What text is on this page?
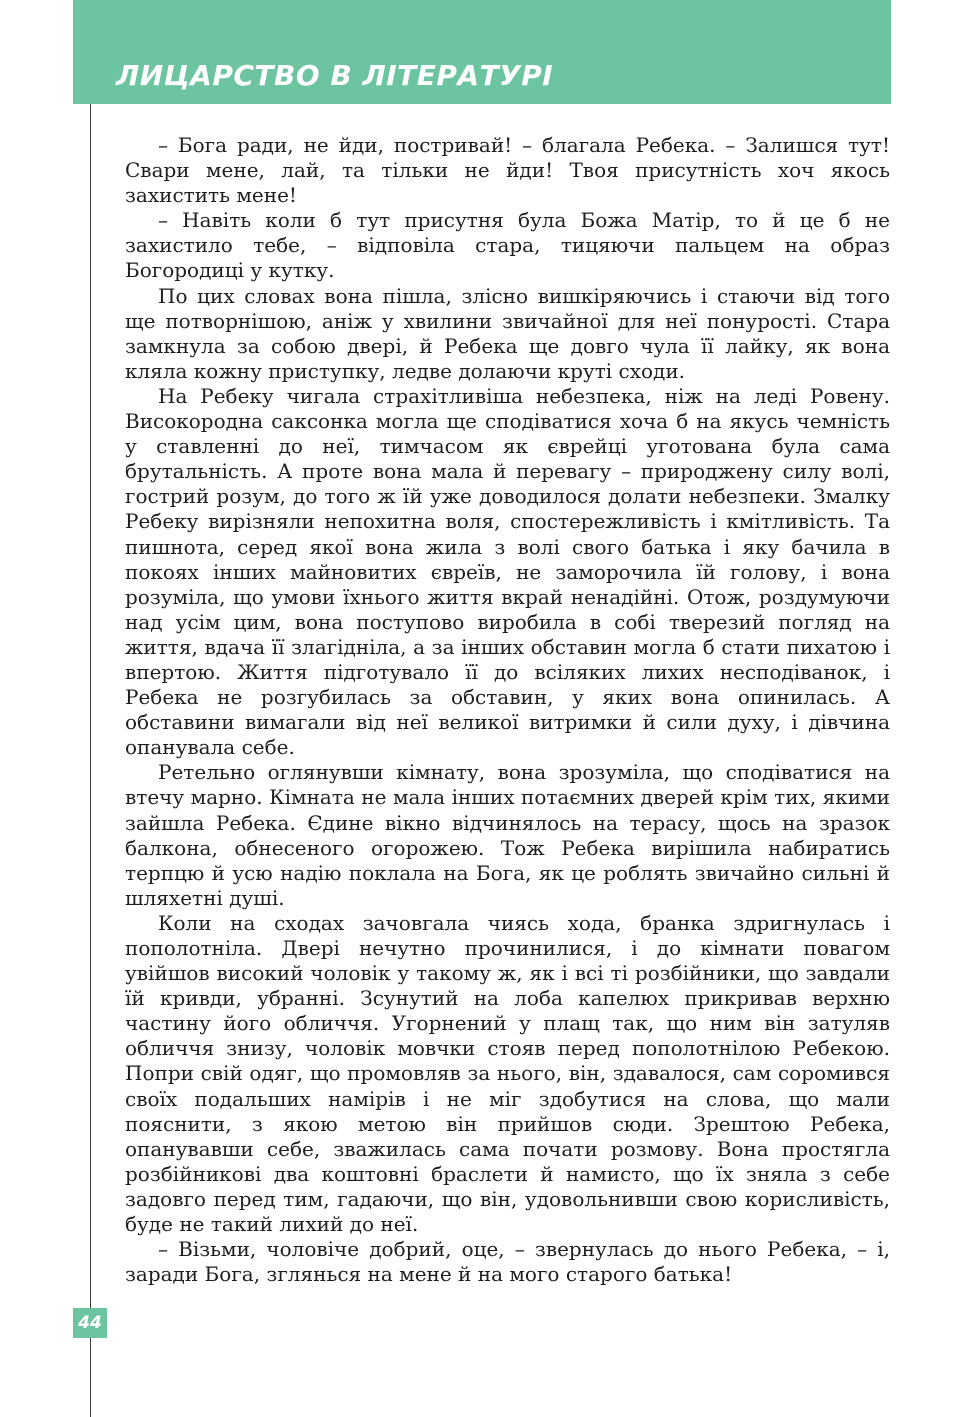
ЛИЦАРСТВО В ЛІТЕРАТУРІ
44

– Бога ради, не йди, постривай! – благала Ребека. – Залишся тут! Свари мене, лай, та тільки не йди! Твоя присутність хоч якось захистить мене!

– Навіть коли б тут присутня була Божа Матір, то й це б не захистило тебе, – відповіла стара, тицяючи пальцем на образ Богородиці у кутку.

По цих словах вона пішла, злісно вишкіряючись і стаючи від того ще потворнішою, аніж у хвилини звичайної для неї понурості. Стара замкнула за собою двері, й Ребека ще довго чула її лайку, як вона кляла кожну приступку, ледве долаючи круті сходи.

На Ребеку чигала страхітливіша небезпека, ніж на леді Ровену. Високородна саксонка могла ще сподіватися хоча б на якусь чемність у ставленні до неї, тимчасом як єврейці уготована була сама брутальність. А проте вона мала й перевагу – природжену силу волі, гострий розум, до того ж їй уже доводилося долати небезпеки. Змалку Ребеку вирізняли непохитна воля, спостережливість і кмітливість. Та пишнота, серед якої вона жила з волі свого батька і яку бачила в покоях інших майновитих євреїв, не заморочила їй голову, і вона розуміла, що умови їхнього життя вкрай ненадійні. Отож, роздумуючи над усім цим, вона поступово виробила в собі тверезий погляд на життя, вдача її злагідніла, а за інших обставин могла б стати пихатою і впертою. Життя підготувало її до всіляких лихих несподіванок, і Ребека не розгубилась за обставин, у яких вона опинилась. А обставини вимагали від неї великої витримки й сили духу, і дівчина опанувала себе.

Ретельно оглянувши кімнату, вона зрозуміла, що сподіватися на втечу марно. Кімната не мала інших потаємних дверей крім тих, якими зайшла Ребека. Єдине вікно відчинялось на терасу, щось на зразок балкона, обнесеного огорожею. Тож Ребека вирішила набиратись терпцю й усю надію поклала на Бога, як це роблять звичайно сильні й шляхетні душі.

Коли на сходах зачовгала чиясь хода, бранка здригнулась і пополотніла. Двері нечутно прочинилися, і до кімнати повагом увійшов високий чоловік у такому ж, як і всі ті розбійники, що завдали їй кривди, убранні. Зсунутий на лоба капелюх прикривав верхню частину його обличчя. Угорнений у плащ так, що ним він затуляв обличчя знизу, чоловік мовчки стояв перед пополотнілою Ребекою. Попри свій одяг, що промовляв за нього, він, здавалося, сам соромився своїх подальших намірів і не міг здобутися на слова, що мали пояснити, з якою метою він прийшов сюди. Зрештою Ребека, опанувавши себе, зважилась сама почати розмову. Вона простягла розбійникові два коштовні браслети й намисто, що їх зняла з себе задовго перед тим, гадаючи, що він, удовольнивши свою корисливість, буде не такий лихий до неї.

– Візьми, чоловіче добрий, оце, – звернулась до нього Ребека, – і, заради Бога, зглянься на мене й на мого старого батька!
